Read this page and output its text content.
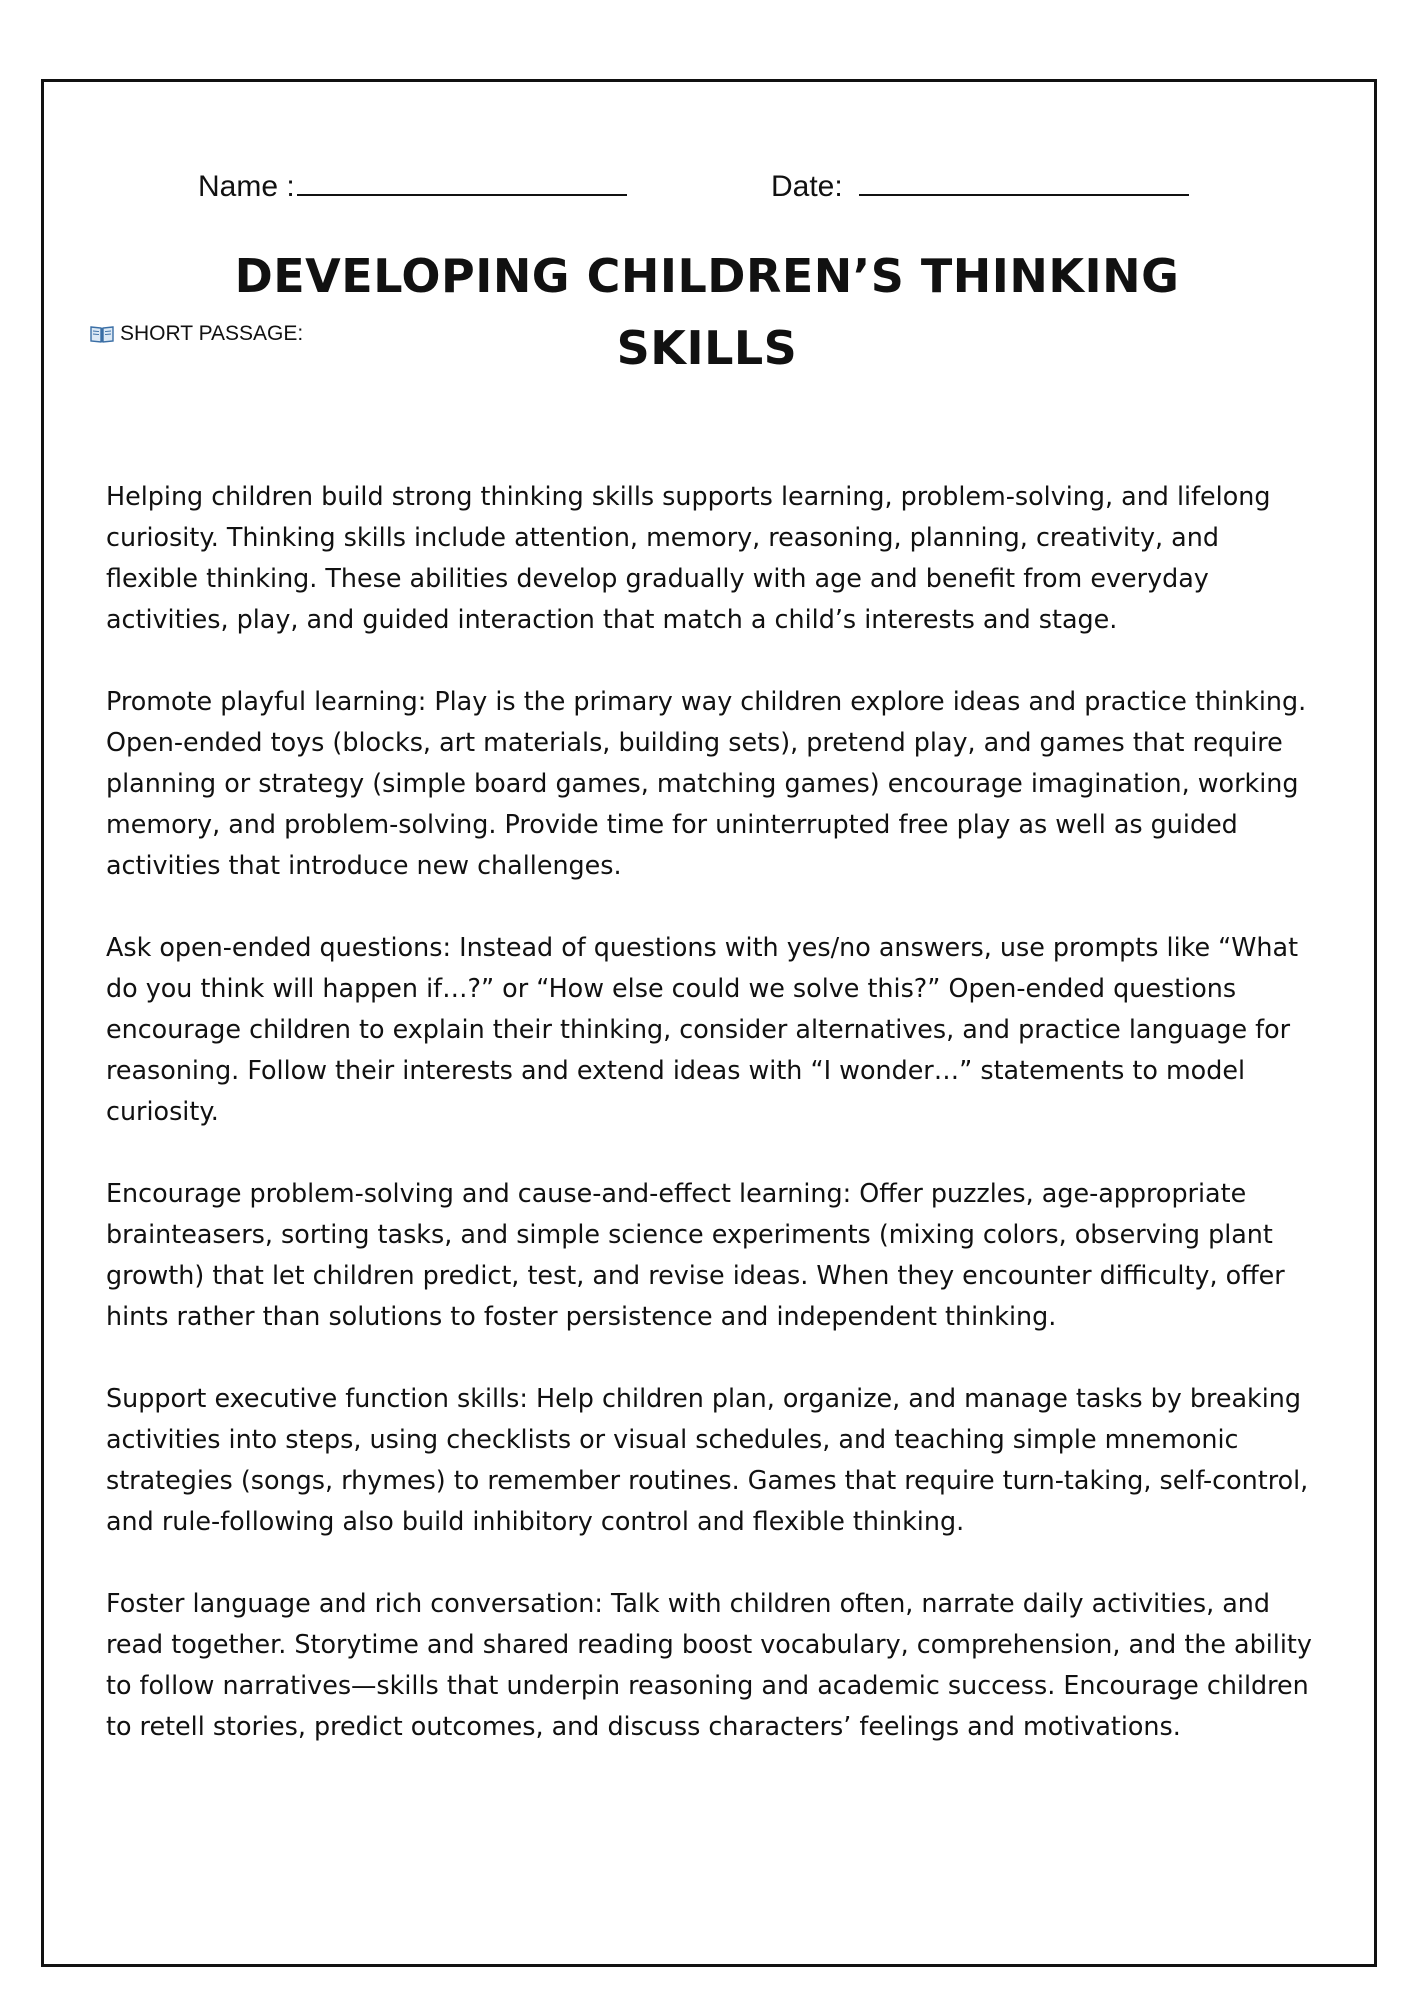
Name :	Date:
DEVELOPING CHILDREN’S THINKING SKILLS
SHORT PASSAGE:

Helping children build strong thinking skills supports learning, problem-solving, and lifelong curiosity. Thinking skills include attention, memory, reasoning, planning, creativity, and flexible thinking. These abilities develop gradually with age and benefit from everyday activities, play, and guided interaction that match a child’s interests and stage.

Promote playful learning: Play is the primary way children explore ideas and practice thinking. Open-ended toys (blocks, art materials, building sets), pretend play, and games that require planning or strategy (simple board games, matching games) encourage imagination, working memory, and problem-solving. Provide time for uninterrupted free play as well as guided activities that introduce new challenges.

Ask open-ended questions: Instead of questions with yes/no answers, use prompts like “What do you think will happen if…?” or “How else could we solve this?” Open-ended questions encourage children to explain their thinking, consider alternatives, and practice language for reasoning. Follow their interests and extend ideas with “I wonder…” statements to model curiosity.

Encourage problem-solving and cause-and-effect learning: Offer puzzles, age-appropriate brainteasers, sorting tasks, and simple science experiments (mixing colors, observing plant growth) that let children predict, test, and revise ideas. When they encounter difficulty, offer hints rather than solutions to foster persistence and independent thinking.

Support executive function skills: Help children plan, organize, and manage tasks by breaking activities into steps, using checklists or visual schedules, and teaching simple mnemonic strategies (songs, rhymes) to remember routines. Games that require turn-taking, self-control, and rule-following also build inhibitory control and flexible thinking.

Foster language and rich conversation: Talk with children often, narrate daily activities, and read together. Storytime and shared reading boost vocabulary, comprehension, and the ability to follow narratives—skills that underpin reasoning and academic success. Encourage children to retell stories, predict outcomes, and discuss characters’ feelings and motivations.
